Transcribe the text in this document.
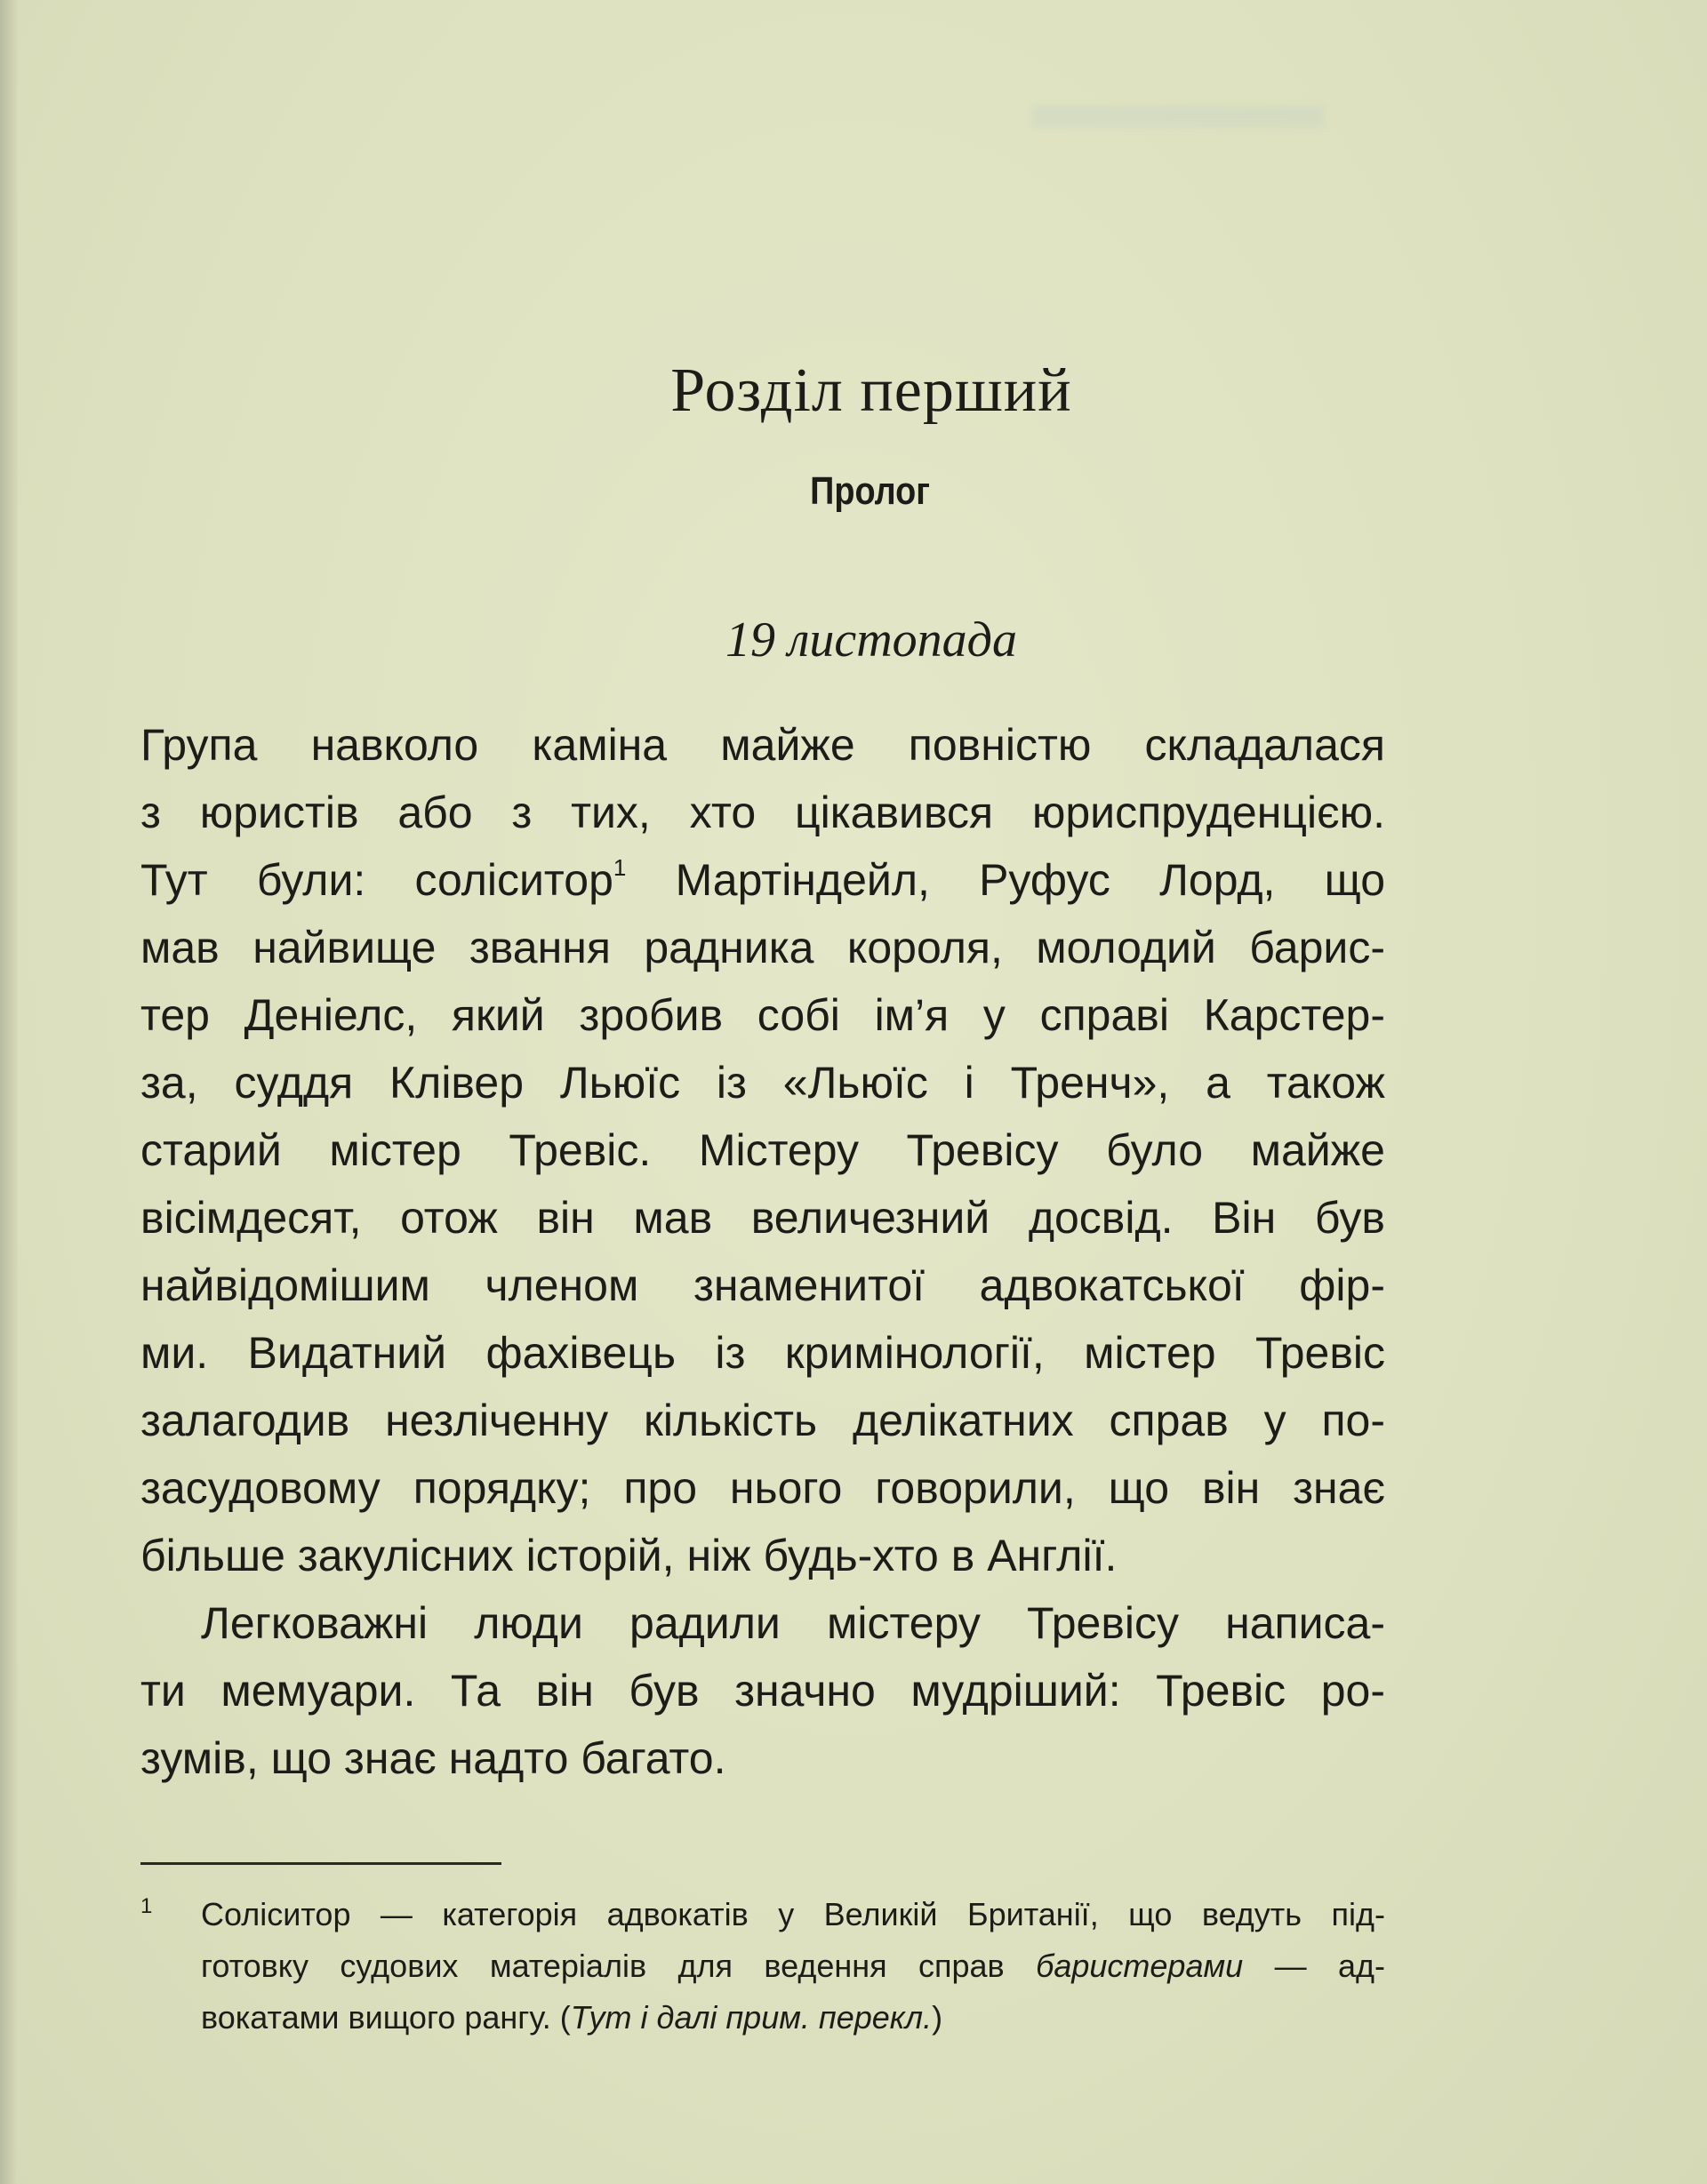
Розділ перший
Пролог
19 листопада
Група навколо каміна майже повністю складалася
з юристів або з тих, хто цікавився юриспруденцією.
Тут були: соліситор$^1$ Мартіндейл, Руфус Лорд, що
мав найвище звання радника короля, молодий барис-
тер Деніелс, який зробив собі ім’я у справі Карстер-
за, суддя Клівер Льюїс із «Льюїс і Тренч», а також
старий містер Тревіс. Містеру Тревісу було майже
вісімдесят, отож він мав величезний досвід. Він був
найвідомішим членом знаменитої адвокатської фір-
ми. Видатний фахівець із кримінології, містер Тревіс
залагодив незліченну кількість делікатних справ у по-
засудовому порядку; про нього говорили, що він знає
більше закулісних історій, ніж будь-хто в Англії.
Легковажні люди радили містеру Тревісу написа-
ти мемуари. Та він був значно мудріший: Тревіс ро-
зумів, що знає надто багато.
1 Соліситор — категорія адвокатів у Великій Британії, що ведуть під-
готовку судових матеріалів для ведення справ баристерами — ад-
вокатами вищого рангу. (Тут і далі прим. перекл.)
